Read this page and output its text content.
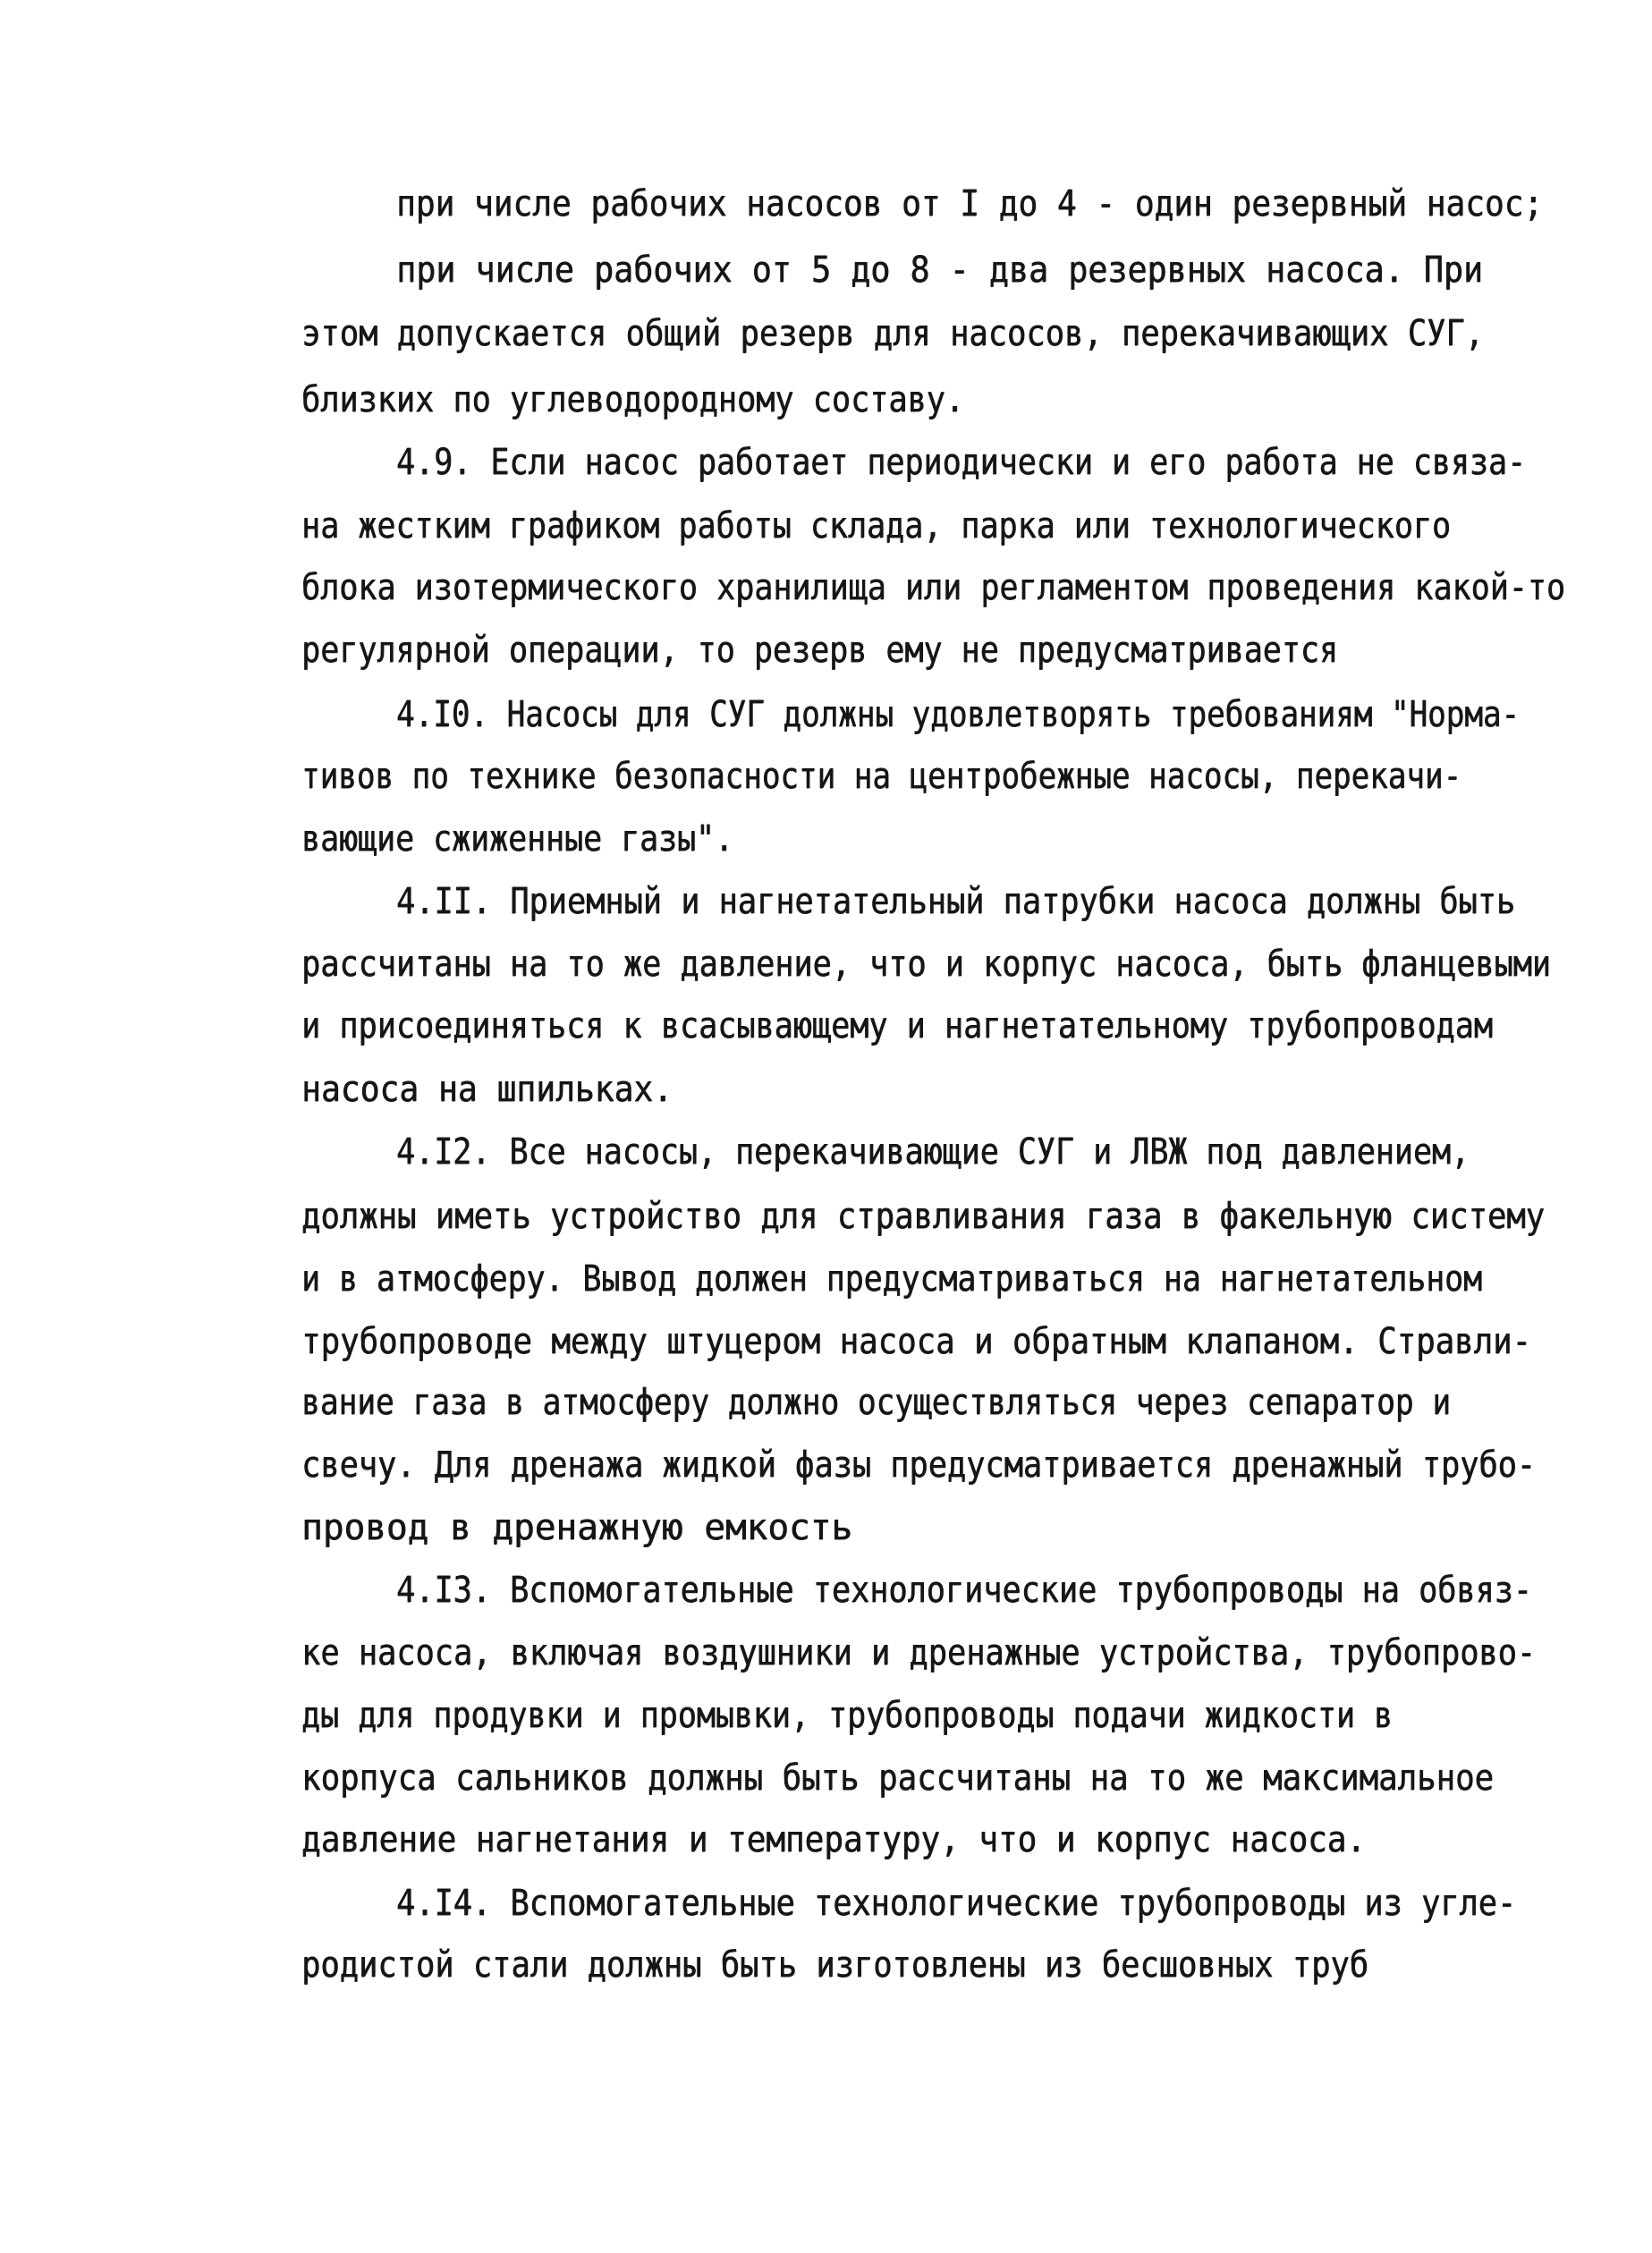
при числе рабочих насосов от I до 4 - один резервный насос;
при числе рабочих от 5 до 8 - два резервных насоса. При
этом допускается общий резерв для насосов, перекачивающих СУГ,
близких по углеводородному составу.
4.9. Если насос работает периодически и его работа не связа-
на жестким графиком работы склада, парка или технологического
блока изотермического хранилища или регламентом проведения какой-то
регулярной операции, то резерв ему не предусматривается
4.I0. Насосы для СУГ должны удовлетворять требованиям "Норма-
тивов по технике безопасности на центробежные насосы, перекачи-
вающие сжиженные газы".
4.II. Приемный и нагнетательный патрубки насоса должны быть
рассчитаны на то же давление, что и корпус насоса, быть фланцевыми
и присоединяться к всасывающему и нагнетательному трубопроводам
насоса на шпильках.
4.I2. Все насосы, перекачивающие СУГ и ЛВЖ под давлением,
должны иметь устройство для стравливания газа в факельную систему
и в атмосферу. Вывод должен предусматриваться на нагнетательном
трубопроводе между штуцером насоса и обратным клапаном. Стравли-
вание газа в атмосферу должно осуществляться через сепаратор и
свечу. Для дренажа жидкой фазы предусматривается дренажный трубо-
провод в дренажную емкость
4.I3. Вспомогательные технологические трубопроводы на обвяз-
ке насоса, включая воздушники и дренажные устройства, трубопрово-
ды для продувки и промывки, трубопроводы подачи жидкости в
корпуса сальников должны быть рассчитаны на то же максимальное
давление нагнетания и температуру, что и корпус насоса.
4.I4. Вспомогательные технологические трубопроводы из угле-
родистой стали должны быть изготовлены из бесшовных труб
